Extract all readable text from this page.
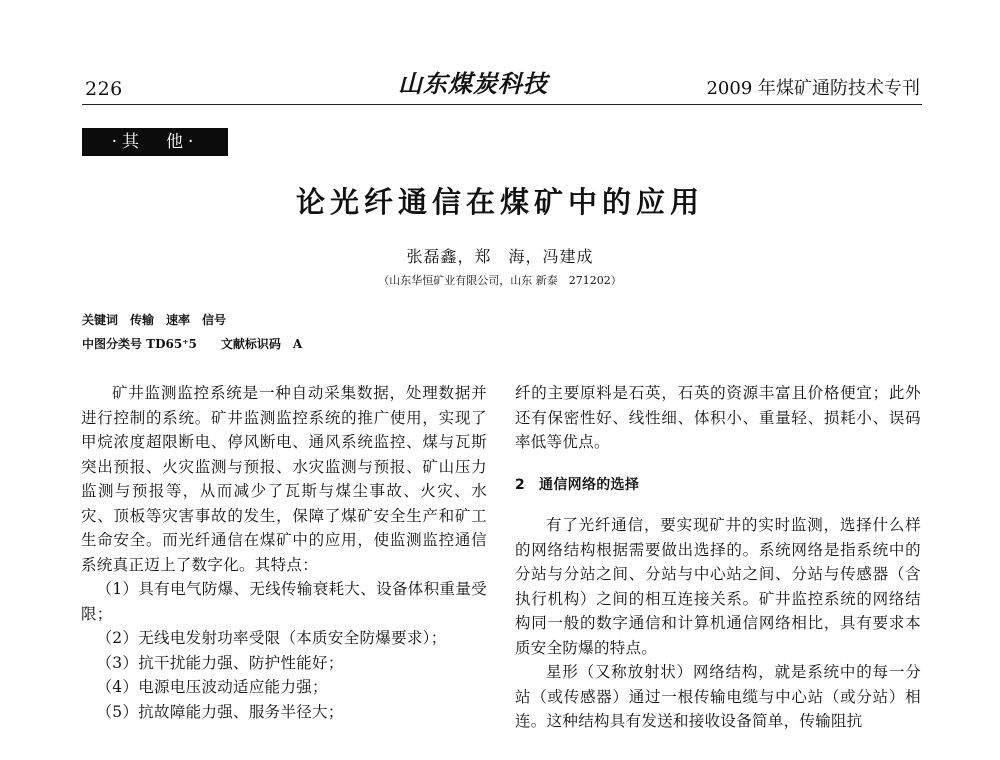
226	山东煤炭科技	2009 年煤矿通防技术专刊
·其　他·
论光纤通信在煤矿中的应用
张磊鑫，郑　海，冯建成
（山东华恒矿业有限公司，山东 新泰　271202）
关键词　传输　速率　信号
中图分类号 TD65⁺5　　文献标识码　A

矿井监测监控系统是一种自动采集数据，处理数据并进行控制的系统。矿井监测监控系统的推广使用，实现了甲烷浓度超限断电、停风断电、通风系统监控、煤与瓦斯突出预报、火灾监测与预报、水灾监测与预报、矿山压力监测与预报等，从而减少了瓦斯与煤尘事故、火灾、水灾、顶板等灾害事故的发生，保障了煤矿安全生产和矿工生命安全。而光纤通信在煤矿中的应用，使监测监控通信系统真正迈上了数字化。其特点：

（1）具有电气防爆、无线传输衰耗大、设备体积重量受限；

（2）无线电发射功率受限（本质安全防爆要求）；

（3）抗干扰能力强、防护性能好；

（4）电源电压波动适应能力强；

（5）抗故障能力强、服务半径大；

纤的主要原料是石英，石英的资源丰富且价格便宜；此外还有保密性好、线性细、体积小、重量轻、损耗小、误码率低等优点。

2 通信网络的选择

有了光纤通信，要实现矿井的实时监测，选择什么样的网络结构根据需要做出选择的。系统网络是指系统中的分站与分站之间、分站与中心站之间、分站与传感器（含执行机构）之间的相互连接关系。矿井监控系统的网络结构同一般的数字通信和计算机通信网络相比，具有要求本质安全防爆的特点。

星形（又称放射状）网络结构，就是系统中的每一分站（或传感器）通过一根传输电缆与中心站（或分站）相连。这种结构具有发送和接收设备简单，传输阻抗
